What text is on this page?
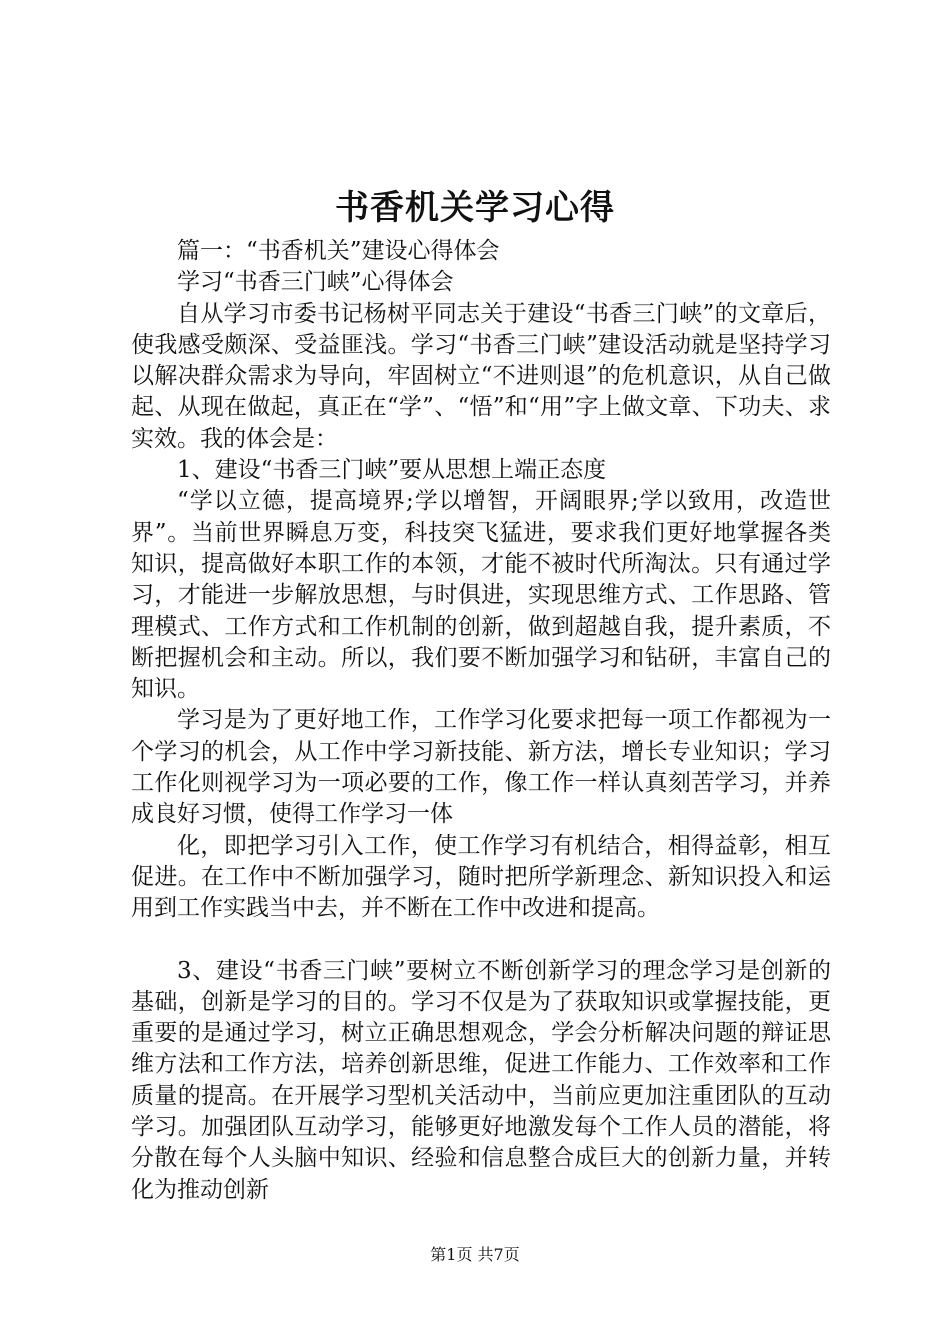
书香机关学习心得

篇一：“书香机关”建设心得体会

学习“书香三门峡”心得体会

自从学习市委书记杨树平同志关于建设“书香三门峡”的文章后，使我感受颇深、受益匪浅。学习“书香三门峡”建设活动就是坚持学习以解决群众需求为导向，牢固树立“不进则退”的危机意识，从自己做起、从现在做起，真正在“学”、“悟”和“用”字上做文章、下功夫、求实效。我的体会是：

1、建设“书香三门峡”要从思想上端正态度

“学以立德，提高境界;学以增智，开阔眼界;学以致用，改造世界”。当前世界瞬息万变，科技突飞猛进，要求我们更好地掌握各类知识，提高做好本职工作的本领，才能不被时代所淘汰。只有通过学习，才能进一步解放思想，与时俱进，实现思维方式、工作思路、管理模式、工作方式和工作机制的创新，做到超越自我，提升素质，不断把握机会和主动。所以，我们要不断加强学习和钻研，丰富自己的知识。

学习是为了更好地工作，工作学习化要求把每一项工作都视为一个学习的机会，从工作中学习新技能、新方法，增长专业知识；学习工作化则视学习为一项必要的工作，像工作一样认真刻苦学习，并养成良好习惯，使得工作学习一体

化，即把学习引入工作，使工作学习有机结合，相得益彰，相互促进。在工作中不断加强学习，随时把所学新理念、新知识投入和运用到工作实践当中去，并不断在工作中改进和提高。

3、建设“书香三门峡”要树立不断创新学习的理念学习是创新的基础，创新是学习的目的。学习不仅是为了获取知识或掌握技能，更重要的是通过学习，树立正确思想观念，学会分析解决问题的辩证思维方法和工作方法，培养创新思维，促进工作能力、工作效率和工作质量的提高。在开展学习型机关活动中，当前应更加注重团队的互动学习。加强团队互动学习，能够更好地激发每个工作人员的潜能，将分散在每个人头脑中知识、经验和信息整合成巨大的创新力量，并转化为推动创新

第1页 共7页
